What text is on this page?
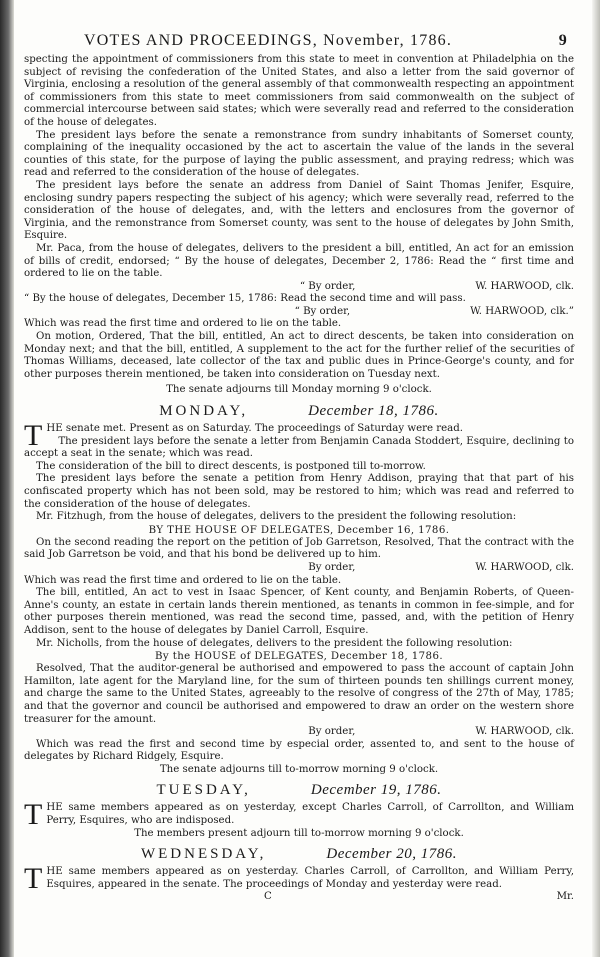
VOTES AND PROCEEDINGS, November, 1786.	9

specting the appointment of commissioners from this state to meet in convention at Philadelphia on the subject of revising the confederation of the United States, and also a letter from the said governor of Virginia, enclosing a resolution of the general assembly of that commonwealth respecting an appointment of commissioners from this state to meet commissioners from said commonwealth on the subject of commercial intercourse between said states; which were severally read and referred to the consideration of the house of delegates.

The president lays before the senate a remonstrance from sundry inhabitants of Somerset county, complaining of the inequality occasioned by the act to ascertain the value of the lands in the several counties of this state, for the purpose of laying the public assessment, and praying redress; which was read and referred to the consideration of the house of delegates.

The president lays before the senate an address from Daniel of Saint Thomas Jenifer, Esquire, enclosing sundry papers respecting the subject of his agency; which were severally read, referred to the consideration of the house of delegates, and, with the letters and enclosures from the governor of Virginia, and the remonstrance from Somerset county, was sent to the house of delegates by John Smith, Esquire.

Mr. Paca, from the house of delegates, delivers to the president a bill, entitled, An act for an emission of bills of credit, endorsed; “ By the house of delegates, December 2, 1786: Read the “ first time and ordered to lie on the table.

“ By order,	W. HARWOOD, clk.

“ By the house of delegates, December 15, 1786: Read the second time and will pass.

“ By order,	W. HARWOOD, clk.”

Which was read the first time and ordered to lie on the table.

On motion, Ordered, That the bill, entitled, An act to direct descents, be taken into consideration on Monday next; and that the bill, entitled, A supplement to the act for the further relief of the securities of Thomas Williams, deceased, late collector of the tax and public dues in Prince-George's county, and for other purposes therein mentioned, be taken into consideration on Tuesday next.

The senate adjourns till Monday morning 9 o'clock.
MONDAY,	December 18, 1786.
T HE senate met. Present as on Saturday. The proceedings of Saturday were read.

The president lays before the senate a letter from Benjamin Canada Stoddert, Esquire, declining to accept a seat in the senate; which was read.

The consideration of the bill to direct descents, is postponed till to-morrow.

The president lays before the senate a petition from Henry Addison, praying that that part of his confiscated property which has not been sold, may be restored to him; which was read and referred to the consideration of the house of delegates.

Mr. Fitzhugh, from the house of delegates, delivers to the president the following resolution:

BY THE HOUSE OF DELEGATES, December 16, 1786.

On the second reading the report on the petition of Job Garretson, Resolved, That the contract with the said Job Garretson be void, and that his bond be delivered up to him.

By order,	W. HARWOOD, clk.

Which was read the first time and ordered to lie on the table.

The bill, entitled, An act to vest in Isaac Spencer, of Kent county, and Benjamin Roberts, of Queen-Anne's county, an estate in certain lands therein mentioned, as tenants in common in fee-simple, and for other purposes therein mentioned, was read the second time, passed, and, with the petition of Henry Addison, sent to the house of delegates by Daniel Carroll, Esquire.

Mr. Nicholls, from the house of delegates, delivers to the president the following resolution:

By the HOUSE of DELEGATES, December 18, 1786.

Resolved, That the auditor-general be authorised and empowered to pass the account of captain John Hamilton, late agent for the Maryland line, for the sum of thirteen pounds ten shillings current money, and charge the same to the United States, agreeably to the resolve of congress of the 27th of May, 1785; and that the governor and council be authorised and empowered to draw an order on the western shore treasurer for the amount.

By order,	W. HARWOOD, clk.

Which was read the first and second time by especial order, assented to, and sent to the house of delegates by Richard Ridgely, Esquire.

The senate adjourns till to-morrow morning 9 o'clock.
TUESDAY,	December 19, 1786.
T HE same members appeared as on yesterday, except Charles Carroll, of Carrollton, and William Perry, Esquires, who are indisposed.

The members present adjourn till to-morrow morning 9 o'clock.
WEDNESDAY,	December 20, 1786.
T HE same members appeared as on yesterday. Charles Carroll, of Carrollton, and William Perry, Esquires, appeared in the senate. The proceedings of Monday and yesterday were read.

C	Mr.
